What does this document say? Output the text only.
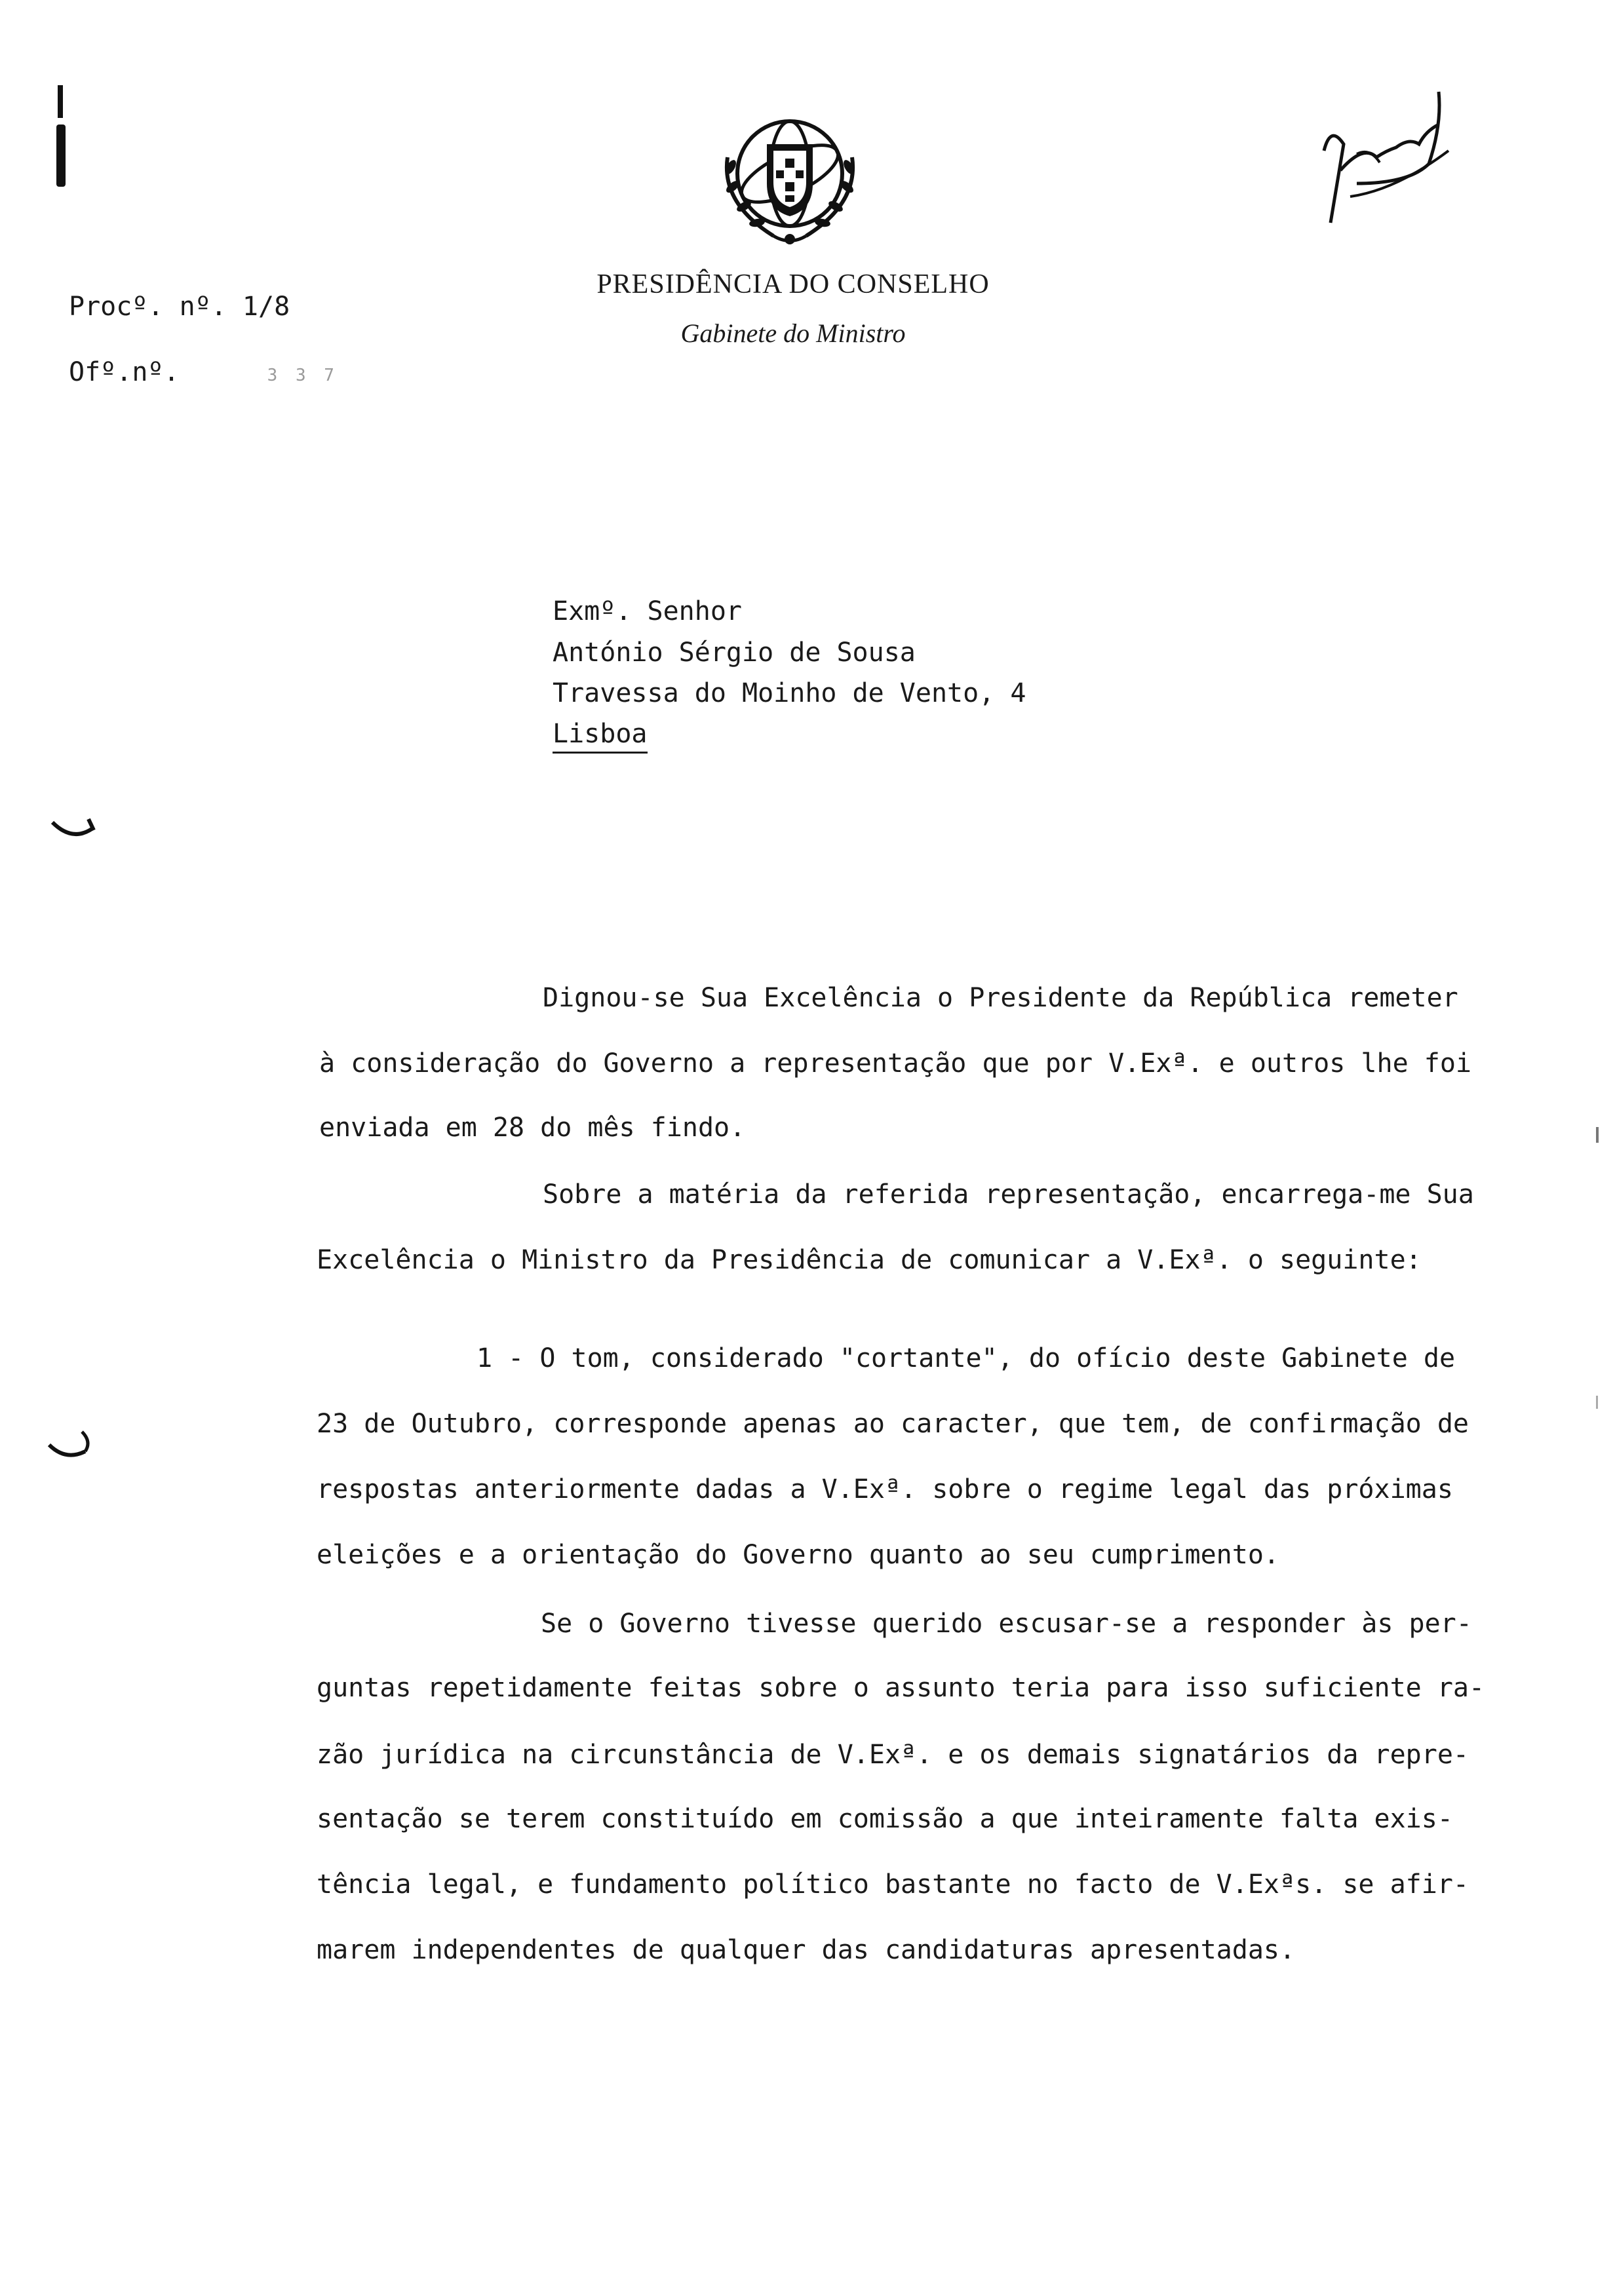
PRESIDÊNCIA DO CONSELHO
Gabinete do Ministro
Procº. nº. 1/8
Ofº.nº.	3 3 7
Exmº. Senhor
António Sérgio de Sousa
Travessa do Moinho de Vento, 4
Lisboa
Dignou-se Sua Excelência o Presidente da República remeter
à consideração do Governo a representação que por V.Exª. e outros lhe foi
enviada em 28 do mês findo.
Sobre a matéria da referida representação, encarrega-me Sua
Excelência o Ministro da Presidência de comunicar a V.Exª. o seguinte:
1 - O tom, considerado "cortante", do ofício deste Gabinete de
23 de Outubro, corresponde apenas ao caracter, que tem, de confirmação de
respostas anteriormente dadas a V.Exª. sobre o regime legal das próximas
eleições e a orientação do Governo quanto ao seu cumprimento.
Se o Governo tivesse querido escusar-se a responder às per-
guntas repetidamente feitas sobre o assunto teria para isso suficiente ra-
zão jurídica na circunstância de V.Exª. e os demais signatários da repre-
sentação se terem constituído em comissão a que inteiramente falta exis-
tência legal, e fundamento político bastante no facto de V.Exªs. se afir-
marem independentes de qualquer das candidaturas apresentadas.
